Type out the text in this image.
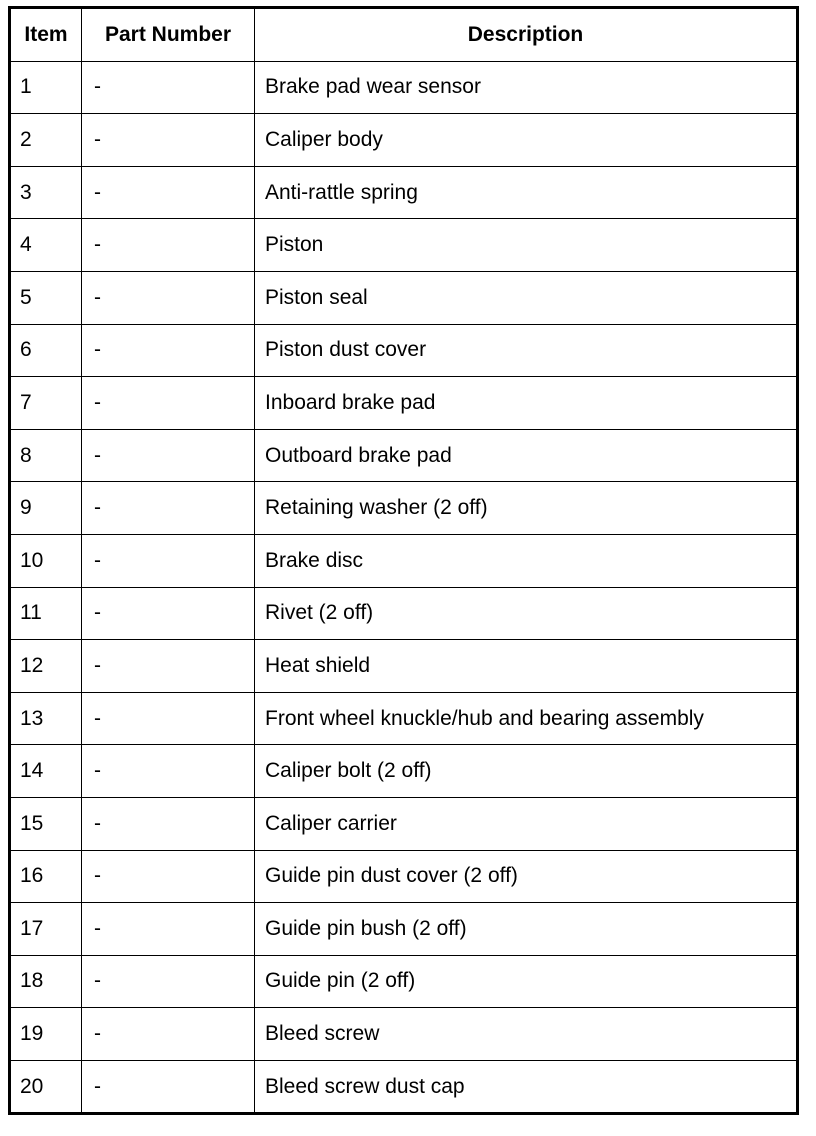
Item	Part Number	Description
1	-	Brake pad wear sensor
2	-	Caliper body
3	-	Anti-rattle spring
4	-	Piston
5	-	Piston seal
6	-	Piston dust cover
7	-	Inboard brake pad
8	-	Outboard brake pad
9	-	Retaining washer (2 off)
10	-	Brake disc
11	-	Rivet (2 off)
12	-	Heat shield
13	-	Front wheel knuckle/hub and bearing assembly
14	-	Caliper bolt (2 off)
15	-	Caliper carrier
16	-	Guide pin dust cover (2 off)
17	-	Guide pin bush (2 off)
18	-	Guide pin (2 off)
19	-	Bleed screw
20	-	Bleed screw dust cap
